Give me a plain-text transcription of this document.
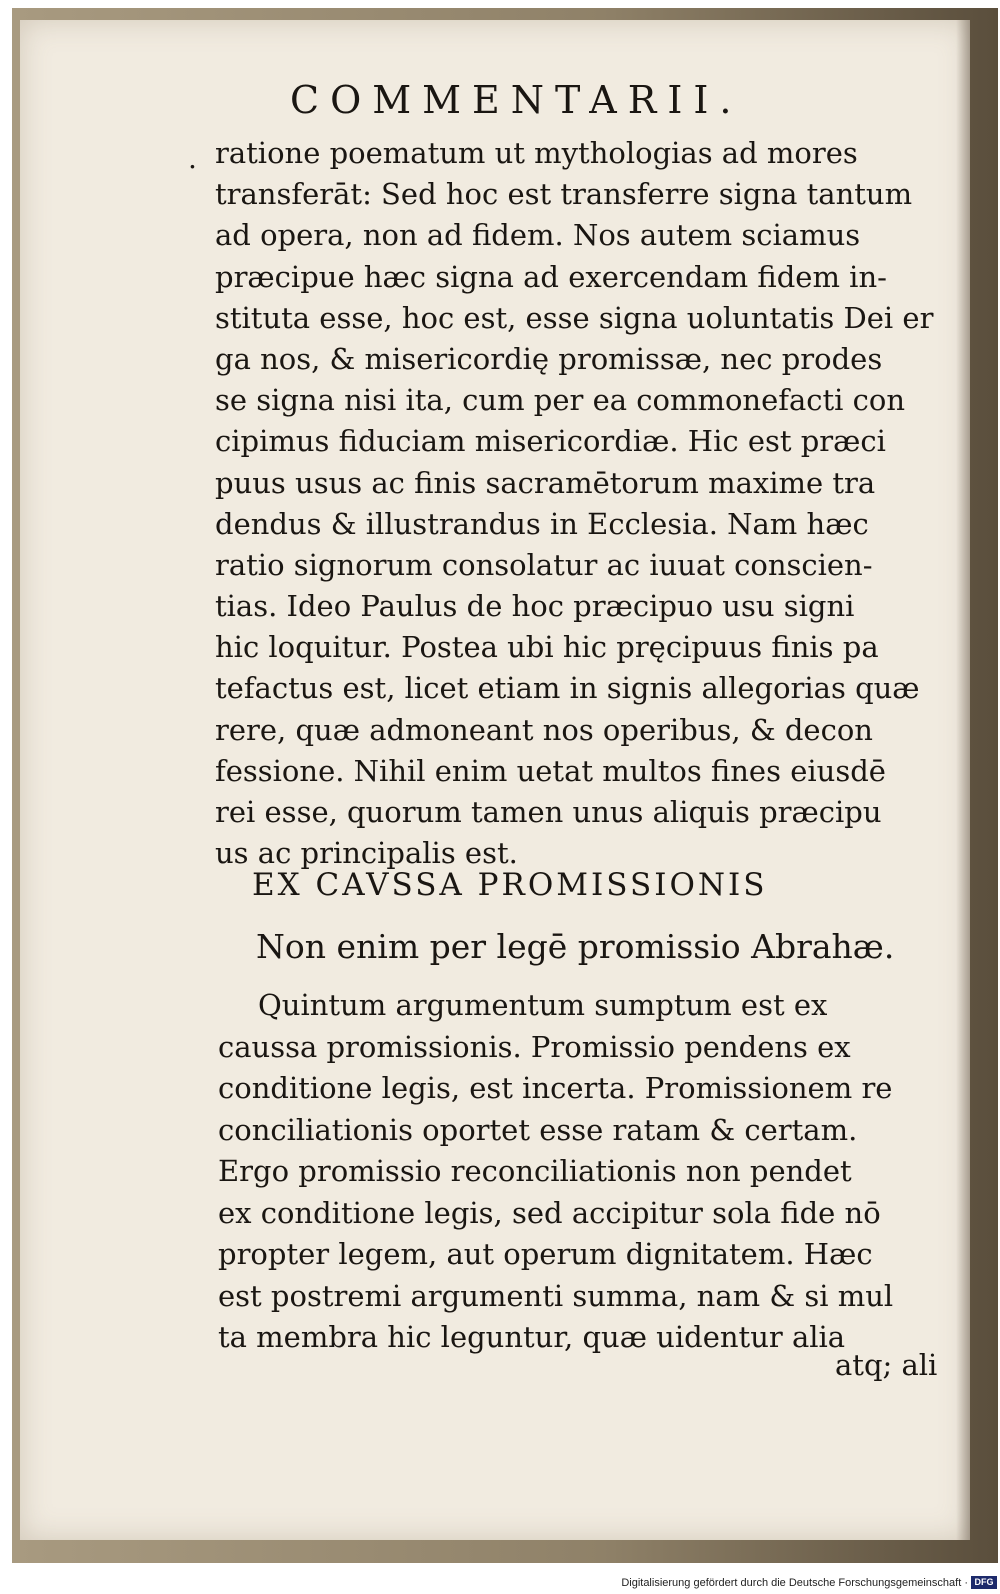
COMMENTARII.
. ratione poematum ut mythologias ad mores
transferāt: Sed hoc est transferre signa tantum
ad opera, non ad fidem. Nos autem sciamus
præcipue hæc signa ad exercendam fidem in-
stituta esse, hoc est, esse signa uoluntatis Dei er
ga nos, & misericordię promissæ, nec prodes
se signa nisi ita, cum per ea commonefacti con
cipimus fiduciam misericordiæ. Hic est præci
puus usus ac finis sacramētorum maxime tra
dendus & illustrandus in Ecclesia. Nam hæc
ratio signorum consolatur ac iuuat conscien-
tias. Ideo Paulus de hoc præcipuo usu signi
hic loquitur. Postea ubi hic pręcipuus finis pa
tefactus est, licet etiam in signis allegorias quæ
rere, quæ admoneant nos operibus, & decon
fessione. Nihil enim uetat multos fines eiusdē
rei esse, quorum tamen unus aliquis præcipu
us ac principalis est.
EX CAVSSA PROMISSIONIS
Non enim per legē promissio Abrahæ.
Quintum argumentum sumptum est ex
caussa promissionis. Promissio pendens ex
conditione legis, est incerta. Promissionem re
conciliationis oportet esse ratam & certam.
Ergo promissio reconciliationis non pendet
ex conditione legis, sed accipitur sola fide nō
propter legem, aut operum dignitatem. Hæc
est postremi argumenti summa, nam & si mul
ta membra hic leguntur, quæ uidentur alia
atq; ali
Digitalisierung gefördert durch die Deutsche Forschungsgemeinschaft · DFG
